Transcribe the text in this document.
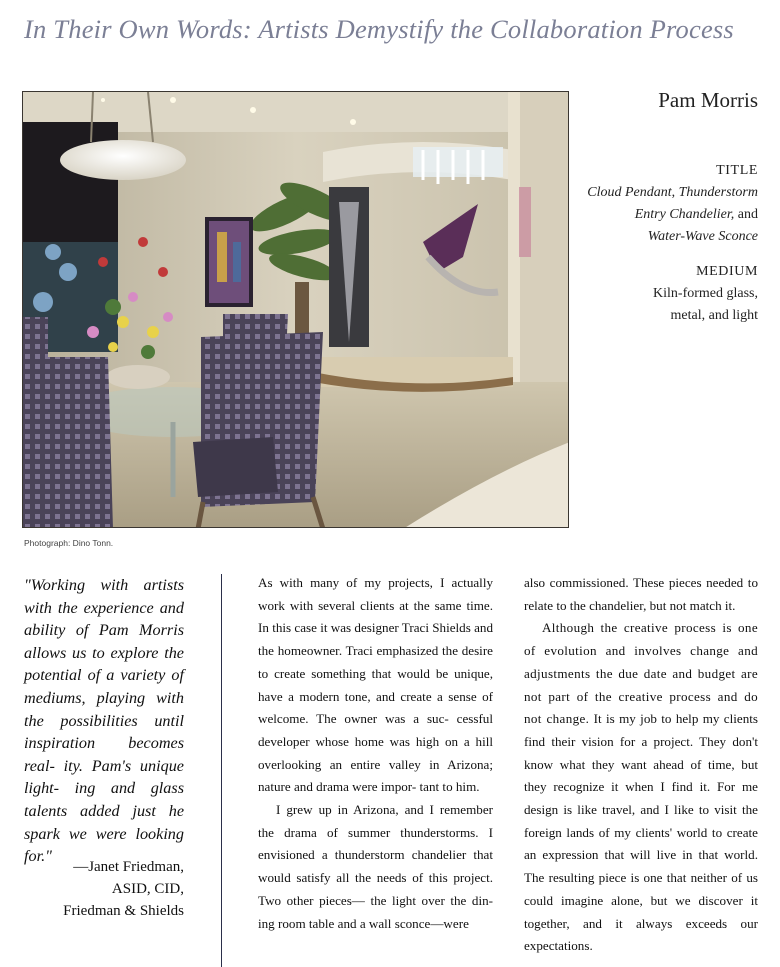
In Their Own Words: Artists Demystify the Collaboration Process
Photograph: Dino Tonn.
Pam Morris
TITLE
Cloud Pendant, Thunderstorm
Entry Chandelier, and
Water-Wave Sconce
MEDIUM
Kiln-formed glass,
metal, and light
"Working with artists with the experience and ability of Pam Morris allows us to explore the potential of a variety of mediums, playing with the possibilities until inspiration becomes real- ity. Pam's unique light- ing and glass talents added just he spark we were looking for."
—Janet Friedman,
ASID, CID,
Friedman & Shields

As with many of my projects, I actually work with several clients at the same time. In this case it was designer Traci Shields and the homeowner. Traci emphasized the desire to create something that would be unique, have a modern tone, and create a sense of welcome. The owner was a suc- cessful developer whose home was high on a hill overlooking an entire valley in Arizona; nature and drama were impor- tant to him.

I grew up in Arizona, and I remember the drama of summer thunderstorms. I envisioned a thunderstorm chandelier that would satisfy all the needs of this project. Two other pieces— the light over the din- ing room table and a wall sconce—were

also commissioned. These pieces needed to relate to the chandelier, but not match it.

Although the creative process is one of evolution and involves change and adjustments the due date and budget are not part of the creative process and do not change. It is my job to help my clients find their vision for a project. They don't know what they want ahead of time, but they recognize it when I find it. For me design is like travel, and I like to visit the foreign lands of my clients' world to create an expression that will live in that world. The resulting piece is one that neither of us could imagine alone, but we discover it together, and it always exceeds our expectations.
